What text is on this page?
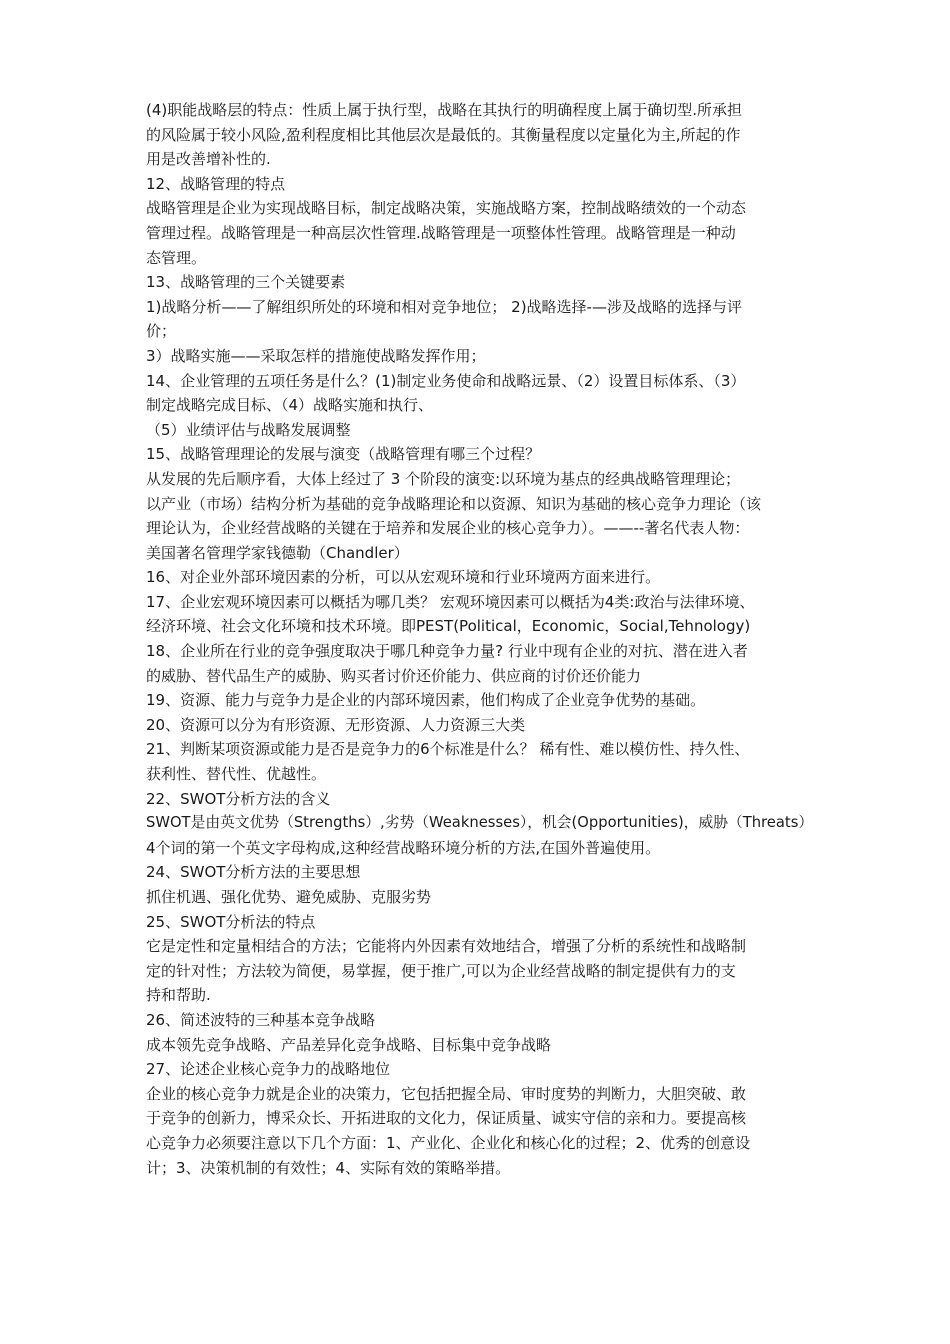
(4)职能战略层的特点：性质上属于执行型，战略在其执行的明确程度上属于确切型.所承担
的风险属于较小风险,盈利程度相比其他层次是最低的。其衡量程度以定量化为主,所起的作
用是改善增补性的.
12、战略管理的特点
战略管理是企业为实现战略目标，制定战略决策，实施战略方案，控制战略绩效的一个动态
管理过程。战略管理是一种高层次性管理.战略管理是一项整体性管理。战略管理是一种动
态管理。
13、战略管理的三个关键要素
1)战略分析——了解组织所处的环境和相对竞争地位； 2)战略选择-—涉及战略的选择与评
价；
3）战略实施——采取怎样的措施使战略发挥作用；
14、企业管理的五项任务是什么？(1)制定业务使命和战略远景、（2）设置目标体系、（3）
制定战略完成目标、（4）战略实施和执行、
（5）业绩评估与战略发展调整
15、战略管理理论的发展与演变（战略管理有哪三个过程？
从发展的先后顺序看，大体上经过了 3 个阶段的演变:以环境为基点的经典战略管理理论；
以产业（市场）结构分析为基础的竞争战略理论和以资源、知识为基础的核心竞争力理论（该
理论认为，企业经营战略的关键在于培养和发展企业的核心竞争力）。——--著名代表人物：
美国著名管理学家钱德勒（Chandler）
16、对企业外部环境因素的分析，可以从宏观环境和行业环境两方面来进行。
17、企业宏观环境因素可以概括为哪几类？ 宏观环境因素可以概括为4类:政治与法律环境、
经济环境、社会文化环境和技术环境。即PEST(Political，Economic，Social,Tehnology)
18、企业所在行业的竞争强度取决于哪几种竞争力量? 行业中现有企业的对抗、潜在进入者
的威胁、替代品生产的威胁、购买者讨价还价能力、供应商的讨价还价能力
19、资源、能力与竞争力是企业的内部环境因素，他们构成了企业竞争优势的基础。
20、资源可以分为有形资源、无形资源、人力资源三大类
21、判断某项资源或能力是否是竞争力的6个标准是什么？ 稀有性、难以模仿性、持久性、
获利性、替代性、优越性。
22、SWOT分析方法的含义
SWOT是由英文优势（Strengths）,劣势（Weaknesses），机会(Opportunities)，威胁（Threats）
4个词的第一个英文字母构成,这种经营战略环境分析的方法,在国外普遍使用。
24、SWOT分析方法的主要思想
抓住机遇、强化优势、避免威胁、克服劣势
25、SWOT分析法的特点
它是定性和定量相结合的方法；它能将内外因素有效地结合，增强了分析的系统性和战略制
定的针对性；方法较为简便，易掌握，便于推广,可以为企业经营战略的制定提供有力的支
持和帮助.
26、简述波特的三种基本竞争战略
成本领先竞争战略、产品差异化竞争战略、目标集中竞争战略
27、论述企业核心竞争力的战略地位
企业的核心竞争力就是企业的决策力，它包括把握全局、审时度势的判断力，大胆突破、敢
于竞争的创新力，博采众长、开拓进取的文化力，保证质量、诚实守信的亲和力。要提高核
心竞争力必须要注意以下几个方面：1、产业化、企业化和核心化的过程；2、优秀的创意设
计；3、决策机制的有效性；4、实际有效的策略举措。
